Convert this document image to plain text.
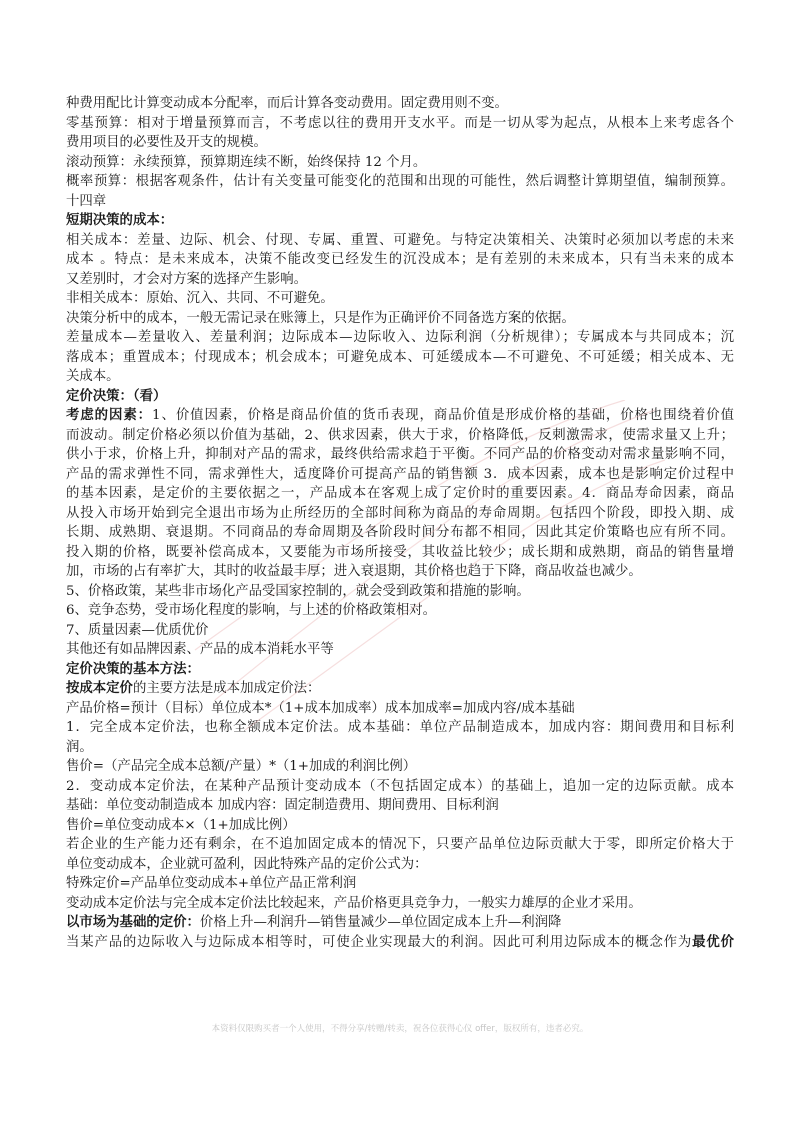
种费用配比计算变动成本分配率，而后计算各变动费用。固定费用则不变。
零基预算：相对于增量预算而言，不考虑以往的费用开支水平。而是一切从零为起点，从根本上来考虑各个
费用项目的必要性及开支的规模。
滚动预算：永续预算，预算期连续不断，始终保持 12 个月。
概率预算：根据客观条件，估计有关变量可能变化的范围和出现的可能性，然后调整计算期望值，编制预算。
十四章
短期决策的成本：
相关成本：差量、边际、机会、付现、专属、重置、可避免。与特定决策相关、决策时必须加以考虑的未来
成本 。特点：是未来成本，决策不能改变已经发生的沉没成本；是有差别的未来成本，只有当未来的成本
又差别时，才会对方案的选择产生影响。
非相关成本：原始、沉入、共同、不可避免。
决策分析中的成本，一般无需记录在账簿上，只是作为正确评价不同备选方案的依据。
差量成本—差量收入、差量利润；边际成本—边际收入、边际利润（分析规律）；专属成本与共同成本；沉
落成本；重置成本；付现成本；机会成本；可避免成本、可延缓成本—不可避免、不可延缓；相关成本、无
关成本。
定价决策：（看）
考虑的因素：1、价值因素，价格是商品价值的货币表现，商品价值是形成价格的基础，价格也围绕着价值
而波动。制定价格必须以价值为基础，2、供求因素，供大于求，价格降低，反刺激需求，使需求量又上升；
供小于求，价格上升，抑制对产品的需求，最终供给需求趋于平衡。不同产品的价格变动对需求量影响不同，
产品的需求弹性不同，需求弹性大，适度降价可提高产品的销售额 3．成本因素，成本也是影响定价过程中
的基本因素，是定价的主要依据之一，产品成本在客观上成了定价时的重要因素。4．商品寿命因素，商品
从投入市场开始到完全退出市场为止所经历的全部时间称为商品的寿命周期。包括四个阶段，即投入期、成
长期、成熟期、衰退期。不同商品的寿命周期及各阶段时间分布都不相同，因此其定价策略也应有所不同。
投入期的价格，既要补偿高成本，又要能为市场所接受，其收益比较少；成长期和成熟期，商品的销售量增
加，市场的占有率扩大，其时的收益最丰厚；进入衰退期，其价格也趋于下降，商品收益也减少。
5、价格政策，某些非市场化产品受国家控制的，就会受到政策和措施的影响。
6、竞争态势，受市场化程度的影响，与上述的价格政策相对。
7、质量因素—优质优价
其他还有如品牌因素、产品的成本消耗水平等
定价决策的基本方法：
按成本定价的主要方法是成本加成定价法：
产品价格=预计（目标）单位成本*（1+成本加成率）成本加成率=加成内容/成本基础
1．完全成本定价法，也称全额成本定价法。成本基础：单位产品制造成本，加成内容：期间费用和目标利
润。
售价=（产品完全成本总额/产量）*（1+加成的利润比例）
2．变动成本定价法，在某种产品预计变动成本（不包括固定成本）的基础上，追加一定的边际贡献。成本
基础：单位变动制造成本 加成内容：固定制造费用、期间费用、目标利润
售价=单位变动成本×（1+加成比例）
若企业的生产能力还有剩余，在不追加固定成本的情况下，只要产品单位边际贡献大于零，即所定价格大于
单位变动成本，企业就可盈利，因此特殊产品的定价公式为：
特殊定价=产品单位变动成本+单位产品正常利润
变动成本定价法与完全成本定价法比较起来，产品价格更具竞争力，一般实力雄厚的企业才采用。
以市场为基础的定价：价格上升—利润升—销售量减少—单位固定成本上升—利润降
当某产品的边际收入与边际成本相等时，可使企业实现最大的利润。因此可利用边际成本的概念作为最优价
本资料仅限购买者一个人使用，不得分享/转赠/转卖，祝各位获得心仪 offer，版权所有，违者必究。
